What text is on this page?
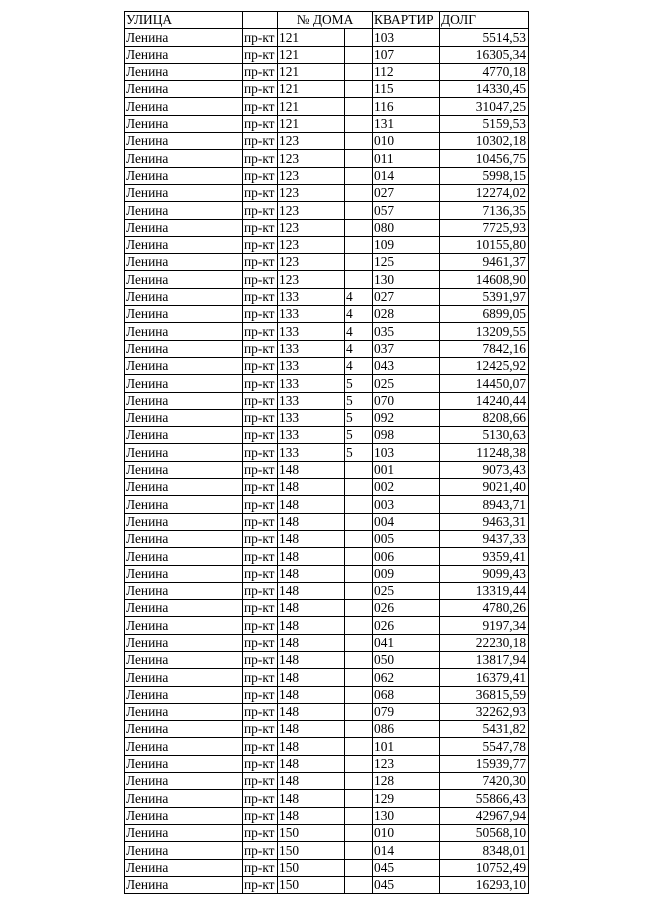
УЛИЦА		№ ДОМА		КВАРТИР	ДОЛГ
Ленина	пр-кт	121		103	5514,53
Ленина	пр-кт	121		107	16305,34
Ленина	пр-кт	121		112	4770,18
Ленина	пр-кт	121		115	14330,45
Ленина	пр-кт	121		116	31047,25
Ленина	пр-кт	121		131	5159,53
Ленина	пр-кт	123		010	10302,18
Ленина	пр-кт	123		011	10456,75
Ленина	пр-кт	123		014	5998,15
Ленина	пр-кт	123		027	12274,02
Ленина	пр-кт	123		057	7136,35
Ленина	пр-кт	123		080	7725,93
Ленина	пр-кт	123		109	10155,80
Ленина	пр-кт	123		125	9461,37
Ленина	пр-кт	123		130	14608,90
Ленина	пр-кт	133	4	027	5391,97
Ленина	пр-кт	133	4	028	6899,05
Ленина	пр-кт	133	4	035	13209,55
Ленина	пр-кт	133	4	037	7842,16
Ленина	пр-кт	133	4	043	12425,92
Ленина	пр-кт	133	5	025	14450,07
Ленина	пр-кт	133	5	070	14240,44
Ленина	пр-кт	133	5	092	8208,66
Ленина	пр-кт	133	5	098	5130,63
Ленина	пр-кт	133	5	103	11248,38
Ленина	пр-кт	148		001	9073,43
Ленина	пр-кт	148		002	9021,40
Ленина	пр-кт	148		003	8943,71
Ленина	пр-кт	148		004	9463,31
Ленина	пр-кт	148		005	9437,33
Ленина	пр-кт	148		006	9359,41
Ленина	пр-кт	148		009	9099,43
Ленина	пр-кт	148		025	13319,44
Ленина	пр-кт	148		026	4780,26
Ленина	пр-кт	148		026	9197,34
Ленина	пр-кт	148		041	22230,18
Ленина	пр-кт	148		050	13817,94
Ленина	пр-кт	148		062	16379,41
Ленина	пр-кт	148		068	36815,59
Ленина	пр-кт	148		079	32262,93
Ленина	пр-кт	148		086	5431,82
Ленина	пр-кт	148		101	5547,78
Ленина	пр-кт	148		123	15939,77
Ленина	пр-кт	148		128	7420,30
Ленина	пр-кт	148		129	55866,43
Ленина	пр-кт	148		130	42967,94
Ленина	пр-кт	150		010	50568,10
Ленина	пр-кт	150		014	8348,01
Ленина	пр-кт	150		045	10752,49
Ленина	пр-кт	150		045	16293,10
